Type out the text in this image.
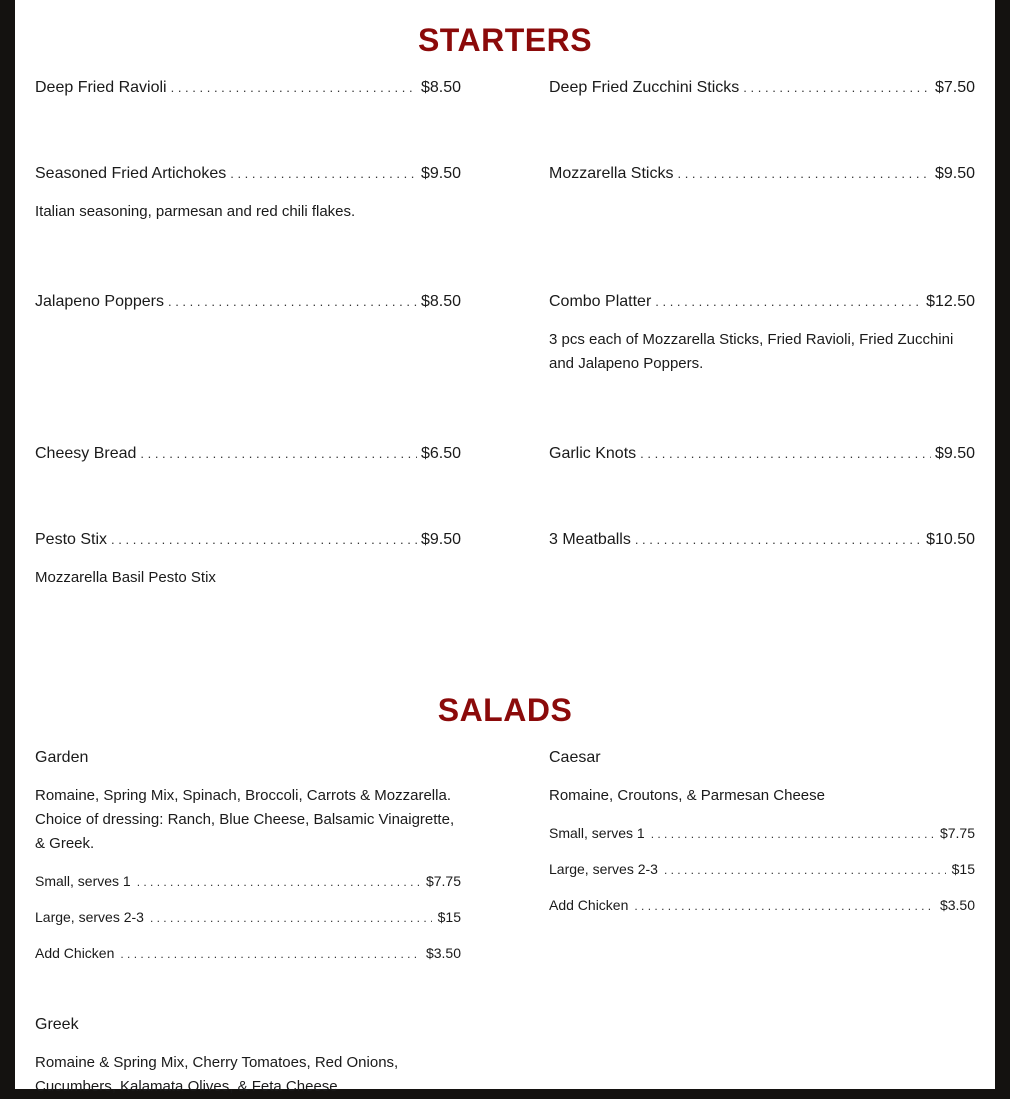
STARTERS
Deep Fried Ravioli . . .	$8.50	Deep Fried Zucchini Sticks . . .	$7.50
Seasoned Fried Artichokes . . .	$9.50
Italian seasoning, parmesan and red chili flakes.
Mozzarella Sticks . . .	$9.50
Jalapeno Poppers . . .	$8.50	Combo Platter . . .	$12.50
3 pcs each of Mozzarella Sticks, Fried Ravioli, Fried Zucchini and Jalapeno Poppers.
Cheesy Bread . . .	$6.50	Garlic Knots . . .	$9.50
Pesto Stix . . .	$9.50
Mozzarella Basil Pesto Stix
3 Meatballs . . .	$10.50
SALADS
Garden
Romaine, Spring Mix, Spinach, Broccoli, Carrots & Mozzarella. Choice of dressing: Ranch, Blue Cheese, Balsamic Vinaigrette, & Greek.
Small, serves 1 . . .	$7.75
Large, serves 2-3 . . .	$15
Add Chicken . . .	$3.50
Caesar
Romaine, Croutons, & Parmesan Cheese
Small, serves 1 . . .	$7.75
Large, serves 2-3 . . .	$15
Add Chicken . . .	$3.50
Greek
Romaine & Spring Mix, Cherry Tomatoes, Red Onions, Cucumbers, Kalamata Olives, & Feta Cheese
